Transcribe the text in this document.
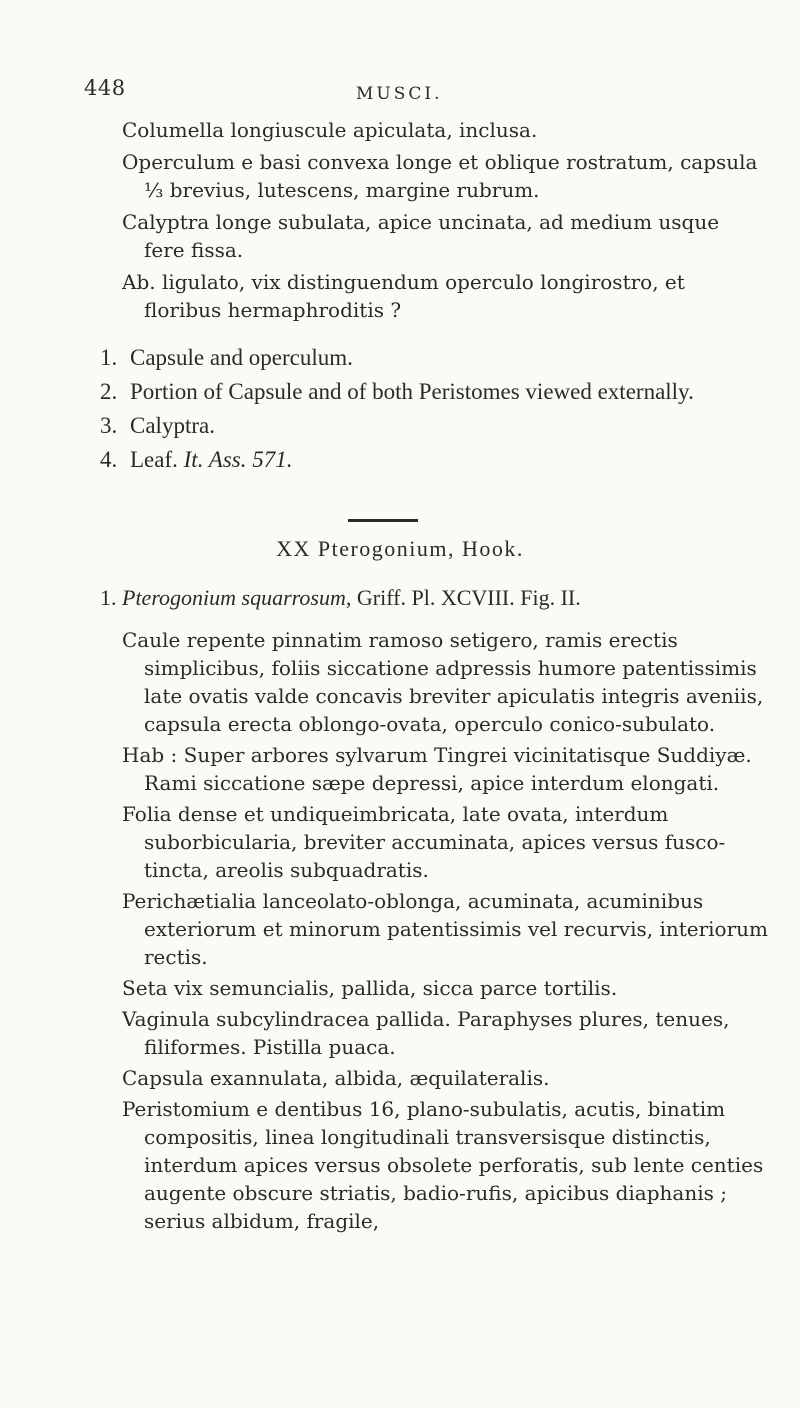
448	MUSCI.

Columella longiuscule apiculata, inclusa.

Operculum e basi convexa longe et oblique rostratum, capsula ⅓ brevius, lutescens, margine rubrum.

Calyptra longe subulata, apice uncinata, ad medium usque fere fissa.

Ab. ligulato, vix distinguendum operculo longirostro, et floribus hermaphroditis ?

1. Capsule and operculum.
2. Portion of Capsule and of both Peristomes viewed externally.
3. Calyptra.
4. Leaf. It. Ass. 571.
XX Pterogonium, Hook.
1. Pterogonium squarrosum, Griff. Pl. XCVIII. Fig. II.

Caule repente pinnatim ramoso setigero, ramis erectis simplicibus, foliis siccatione adpressis humore patentissimis late ovatis valde concavis breviter apiculatis integris aveniis, capsula erecta oblongo-ovata, operculo conico-subulato.

Hab : Super arbores sylvarum Tingrei vicinitatisque Suddiyæ. Rami siccatione sæpe depressi, apice interdum elongati.

Folia dense et undiqueimbricata, late ovata, interdum suborbicularia, breviter accuminata, apices versus fusco-tincta, areolis subquadratis.

Perichætialia lanceolato-oblonga, acuminata, acuminibus exteriorum et minorum patentissimis vel recurvis, interiorum rectis.

Seta vix semuncialis, pallida, sicca parce tortilis.

Vaginula subcylindracea pallida. Paraphyses plures, tenues, filiformes. Pistilla puaca.

Capsula exannulata, albida, æquilateralis.

Peristomium e dentibus 16, plano-subulatis, acutis, binatim compositis, linea longitudinali transversisque distinctis, interdum apices versus obsolete perforatis, sub lente centies augente obscure striatis, badio-rufis, apicibus diaphanis ; serius albidum, fragile,
